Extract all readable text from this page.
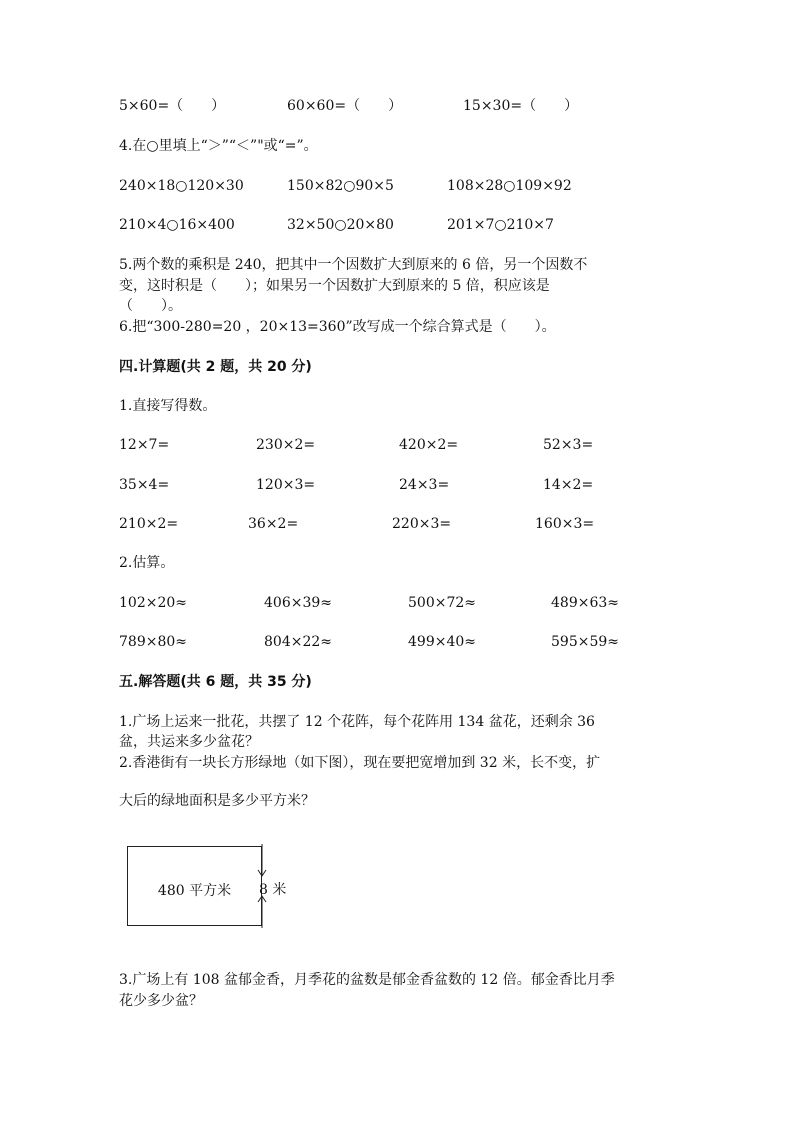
5×60=（　　）	60×60=（　　）	15×30=（　　）
4.在○里填上“＞”“＜”"或“=”。
240×18○120×30	150×82○90×5	108×28○109×92
210×4○16×400	32×50○20×80	201×7○210×7
5.两个数的乘积是 240，把其中一个因数扩大到原来的 6 倍，另一个因数不
变，这时积是（　　）；如果另一个因数扩大到原来的 5 倍，积应该是
（　　）。
6.把“300-280=20 ，20×13=360”改写成一个综合算式是（　　）。
四.计算题(共 2 题，共 20 分)
1.直接写得数。
12×7=	230×2=	420×2=	52×3=
35×4=	120×3=	24×3=	14×2=
210×2=	36×2=	220×3=	160×3=
2.估算。
102×20≈	406×39≈	500×72≈	489×63≈
789×80≈	804×22≈	499×40≈	595×59≈
五.解答题(共 6 题，共 35 分)
1.广场上运来一批花，共摆了 12 个花阵，每个花阵用 134 盆花，还剩余 36
盆，共运来多少盆花？
2.香港街有一块长方形绿地（如下图），现在要把宽增加到 32 米，长不变，扩
大后的绿地面积是多少平方米？
480 平方米	8 米
3.广场上有 108 盆郁金香，月季花的盆数是郁金香盆数的 12 倍。郁金香比月季
花少多少盆？
